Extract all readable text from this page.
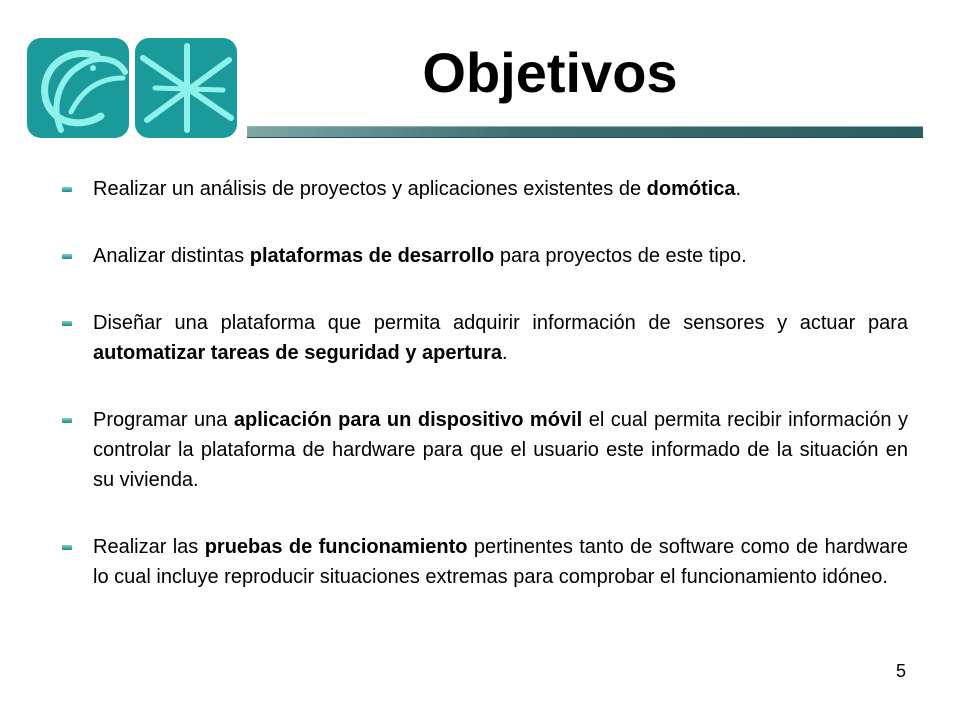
Objetivos
Realizar un análisis de proyectos y aplicaciones existentes de domótica.
Analizar distintas plataformas de desarrollo para proyectos de este tipo.
Diseñar una plataforma que permita adquirir información de sensores y actuar para automatizar tareas de seguridad y apertura.
Programar una aplicación para un dispositivo móvil el cual permita recibir información y controlar la plataforma de hardware para que el usuario este informado de la situación en su vivienda.
Realizar las pruebas de funcionamiento pertinentes tanto de software como de hardware lo cual incluye reproducir situaciones extremas para comprobar el funcionamiento idóneo.
5
